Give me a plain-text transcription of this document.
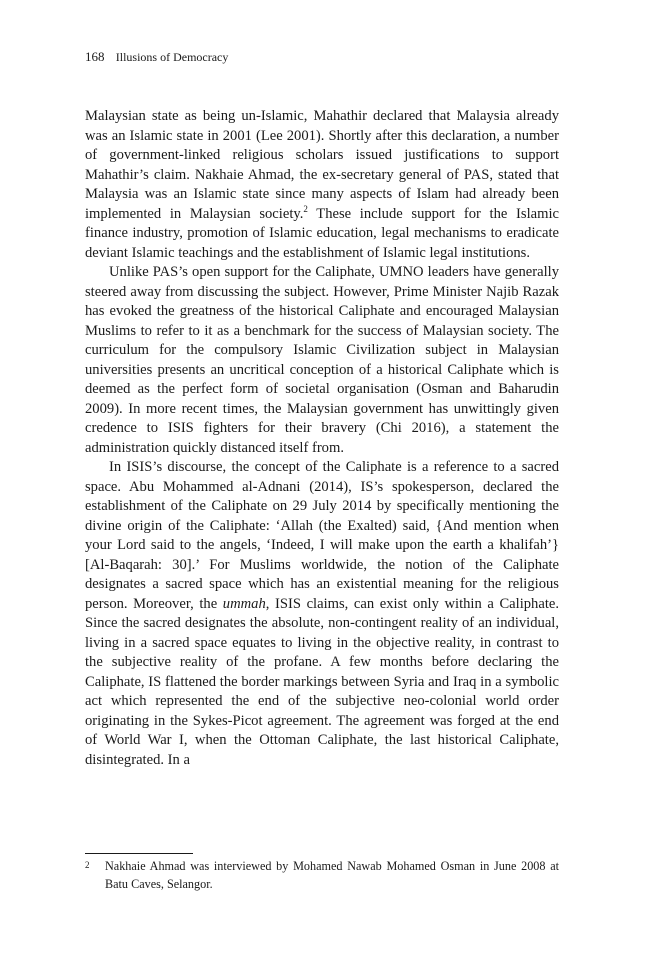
168 Illusions of Democracy

Malaysian state as being un-Islamic, Mahathir declared that Malaysia already was an Islamic state in 2001 (Lee 2001). Shortly after this declaration, a number of government-linked religious scholars issued justifications to support Mahathir’s claim. Nakhaie Ahmad, the ex-secretary general of PAS, stated that Malaysia was an Islamic state since many aspects of Islam had already been implemented in Malaysian society.$^2$ These include support for the Islamic finance industry, promotion of Islamic education, legal mechanisms to eradicate deviant Islamic teachings and the establishment of Islamic legal institutions.

Unlike PAS’s open support for the Caliphate, UMNO leaders have generally steered away from discussing the subject. However, Prime Minister Najib Razak has evoked the greatness of the historical Caliphate and encouraged Malaysian Muslims to refer to it as a benchmark for the success of Malaysian society. The curriculum for the compulsory Islamic Civilization subject in Malaysian universities presents an uncritical conception of a historical Caliphate which is deemed as the perfect form of societal organisation (Osman and Baharudin 2009). In more recent times, the Malaysian government has unwittingly given credence to ISIS fighters for their bravery (Chi 2016), a statement the administration quickly distanced itself from.

In ISIS’s discourse, the concept of the Caliphate is a reference to a sacred space. Abu Mohammed al-Adnani (2014), IS’s spokesperson, declared the establishment of the Caliphate on 29 July 2014 by specifically mentioning the divine origin of the Caliphate: ‘Allah (the Exalted) said, {And mention when your Lord said to the angels, ‘Indeed, I will make upon the earth a khalifah’} [Al-Baqarah: 30].’ For Muslims worldwide, the notion of the Caliphate designates a sacred space which has an existential meaning for the religious person. Moreover, the ummah, ISIS claims, can exist only within a Caliphate. Since the sacred designates the absolute, non-contingent reality of an individual, living in a sacred space equates to living in the objective reality, in contrast to the subjective reality of the profane. A few months before declaring the Caliphate, IS flattened the border markings between Syria and Iraq in a symbolic act which represented the end of the subjective neo-colonial world order originating in the Sykes-Picot agreement. The agreement was forged at the end of World War I, when the Ottoman Caliphate, the last historical Caliphate, disintegrated. In a

2 Nakhaie Ahmad was interviewed by Mohamed Nawab Mohamed Osman in June 2008 at Batu Caves, Selangor.
